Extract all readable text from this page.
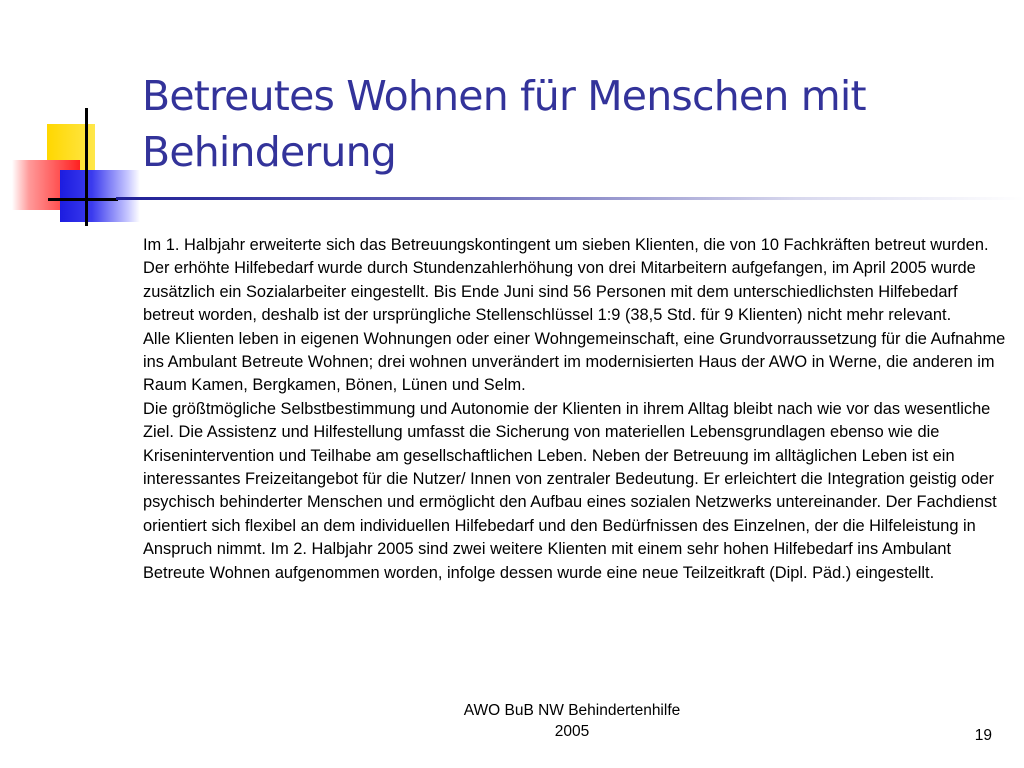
Betreutes Wohnen für Menschen mit Behinderung

Im 1. Halbjahr erweiterte sich das Betreuungskontingent um sieben Klienten, die von 10 Fachkräften betreut wurden. Der erhöhte Hilfebedarf wurde durch Stundenzahlerhöhung von drei Mitarbeitern aufgefangen, im April 2005 wurde zusätzlich ein Sozialarbeiter eingestellt. Bis Ende Juni sind 56 Personen mit dem unterschiedlichsten Hilfebedarf betreut worden, deshalb ist der ursprüngliche Stellenschlüssel 1:9 (38,5 Std. für 9 Klienten) nicht mehr relevant.

Alle Klienten leben in eigenen Wohnungen oder einer Wohngemeinschaft, eine Grundvorraussetzung für die Aufnahme ins Ambulant Betreute Wohnen; drei wohnen unverändert im modernisierten Haus der AWO in Werne, die anderen im Raum Kamen, Bergkamen, Bönen, Lünen und Selm.

Die größtmögliche Selbstbestimmung und Autonomie der Klienten in ihrem Alltag bleibt nach wie vor das wesentliche Ziel. Die Assistenz und Hilfestellung umfasst die Sicherung von materiellen Lebensgrundlagen ebenso wie die Krisenintervention und Teilhabe am gesellschaftlichen Leben. Neben der Betreuung im alltäglichen Leben ist ein interessantes Freizeitangebot für die Nutzer/ Innen von zentraler Bedeutung. Er erleichtert die Integration geistig oder psychisch behinderter Menschen und ermöglicht den Aufbau eines sozialen Netzwerks untereinander. Der Fachdienst orientiert sich flexibel an dem individuellen Hilfebedarf und den Bedürfnissen des Einzelnen, der die Hilfeleistung in Anspruch nimmt. Im 2. Halbjahr 2005 sind zwei weitere Klienten mit einem sehr hohen Hilfebedarf ins Ambulant Betreute Wohnen aufgenommen worden, infolge dessen wurde eine neue Teilzeitkraft (Dipl. Päd.) eingestellt.

AWO BuB NW Behindertenhilfe
2005	19
